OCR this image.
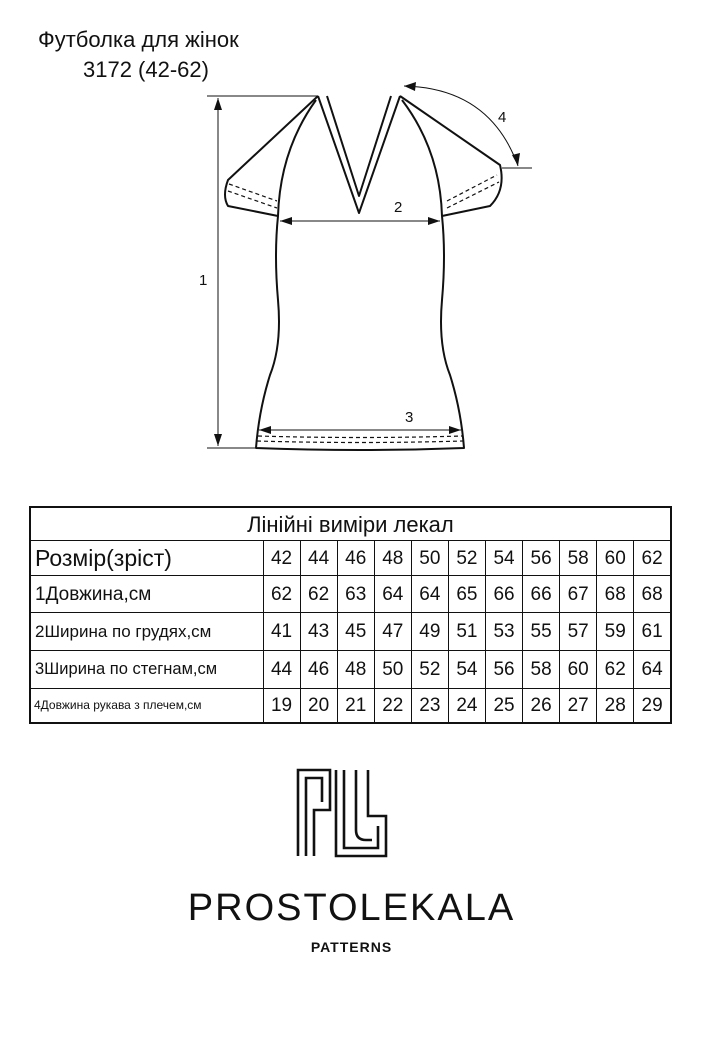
Футболка для жінок
3172 (42-62)
1
2
3
4
Лінійні виміри лекал											
Розмір(зріст)	42	44	46	48	50	52	54	56	58	60	62
1Довжина,см	62	62	63	64	64	65	66	66	67	68	68
2Ширина по грудях,см	41	43	45	47	49	51	53	55	57	59	61
3Ширина по стегнам,см	44	46	48	50	52	54	56	58	60	62	64
4Довжина рукава з плечем,см	19	20	21	22	23	24	25	26	27	28	29
PROSTOLEKALA
PATTERNS
